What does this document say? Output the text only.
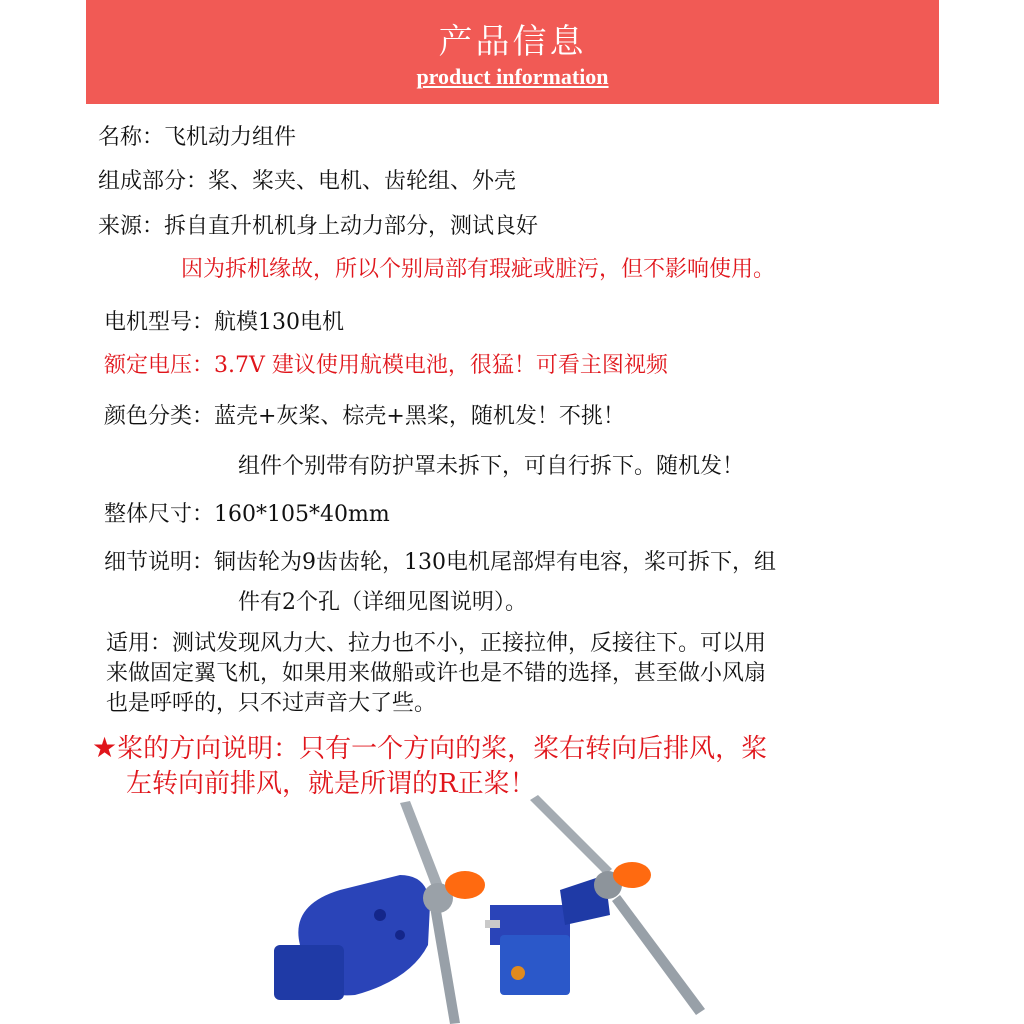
产品信息
product information
名称：飞机动力组件
组成部分：桨、桨夹、电机、齿轮组、外壳
来源：拆自直升机机身上动力部分，测试良好
因为拆机缘故，所以个别局部有瑕疵或脏污，但不影响使用。
电机型号：航模130电机
额定电压：3.7V 建议使用航模电池，很猛！可看主图视频
颜色分类：蓝壳+灰桨、棕壳+黑桨，随机发！不挑！
组件个别带有防护罩未拆下，可自行拆下。随机发！
整体尺寸：160*105*40mm
细节说明：铜齿轮为9齿齿轮，130电机尾部焊有电容，桨可拆下，组
件有2个孔（详细见图说明）。
适用：测试发现风力大、拉力也不小，正接拉伸，反接往下。可以用
来做固定翼飞机，如果用来做船或许也是不错的选择，甚至做小风扇
也是呼呼的，只不过声音大了些。
★桨的方向说明：只有一个方向的桨，桨右转向后排风，桨
左转向前排风，就是所谓的R正桨！
